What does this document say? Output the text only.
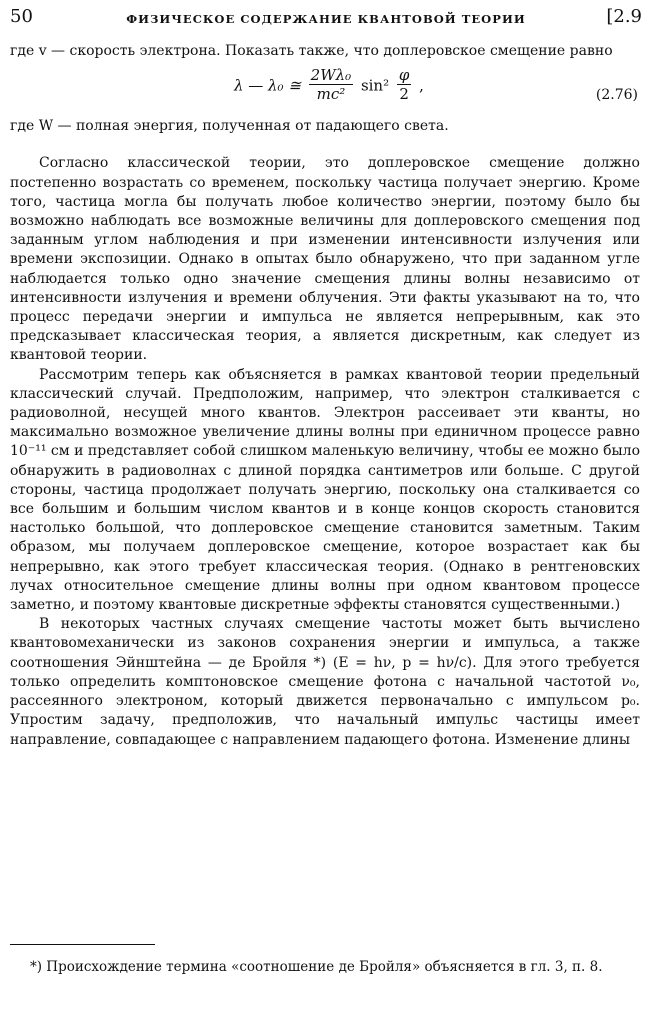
50	ФИЗИЧЕСКОЕ СОДЕРЖАНИЕ КВАНТОВОЙ ТЕОРИИ	[2.9

где v — скорость электрона. Показать также, что доплеровское смещение равно

λ — λ₀ ≅ $\frac{\text{2Wλ₀}}{\text{mc²}} \sin^2 \frac{\varphi}{2}$ ,
(2.76)

где W — полная энергия, полученная от падающего света.

Согласно классической теории, это доплеровское смещение должно постепенно возрастать со временем, поскольку частица получает энергию. Кроме того, частица могла бы получать любое количество энергии, поэтому было бы возможно наблюдать все возможные величины для доплеровского смещения под заданным углом наблюдения и при изменении интенсивности излучения или времени экспозиции. Однако в опытах было обнаружено, что при заданном угле наблюдается только одно значение смещения длины волны независимо от интенсивности излучения и времени облучения. Эти факты указывают на то, что процесс передачи энергии и импульса не является непрерывным, как это предсказывает классическая теория, а является дискретным, как следует из квантовой теории.

Рассмотрим теперь как объясняется в рамках квантовой теории предельный классический случай. Предположим, например, что электрон сталкивается с радиоволной, несущей много квантов. Электрон рассеивает эти кванты, но максимально возможное увеличение длины волны при единичном процессе равно 10⁻¹¹ см и представляет собой слишком маленькую величину, чтобы ее можно было обнаружить в радиоволнах с длиной порядка сантиметров или больше. С другой стороны, частица продолжает получать энергию, поскольку она сталкивается со все большим и большим числом квантов и в конце концов скорость становится настолько большой, что доплеровское смещение становится заметным. Таким образом, мы получаем доплеровское смещение, которое возрастает как бы непрерывно, как этого требует классическая теория. (Однако в рентгеновских лучах относительное смещение длины волны при одном квантовом процессе заметно, и поэтому квантовые дискретные эффекты становятся существенными.)

В некоторых частных случаях смещение частоты может быть вычислено квантовомеханически из законов сохранения энергии и импульса, а также соотношения Эйнштейна — де Бройля *) (E = hν, p = hν/c). Для этого требуется только определить комптоновское смещение фотона с начальной частотой ν₀, рассеянного электроном, который движется первоначально с импульсом p₀. Упростим задачу, предположив, что начальный импульс частицы имеет направление, совпадающее с направлением падающего фотона. Изменение длины

*) Происхождение термина «соотношение де Бройля» объясняется в гл. 3, п. 8.
